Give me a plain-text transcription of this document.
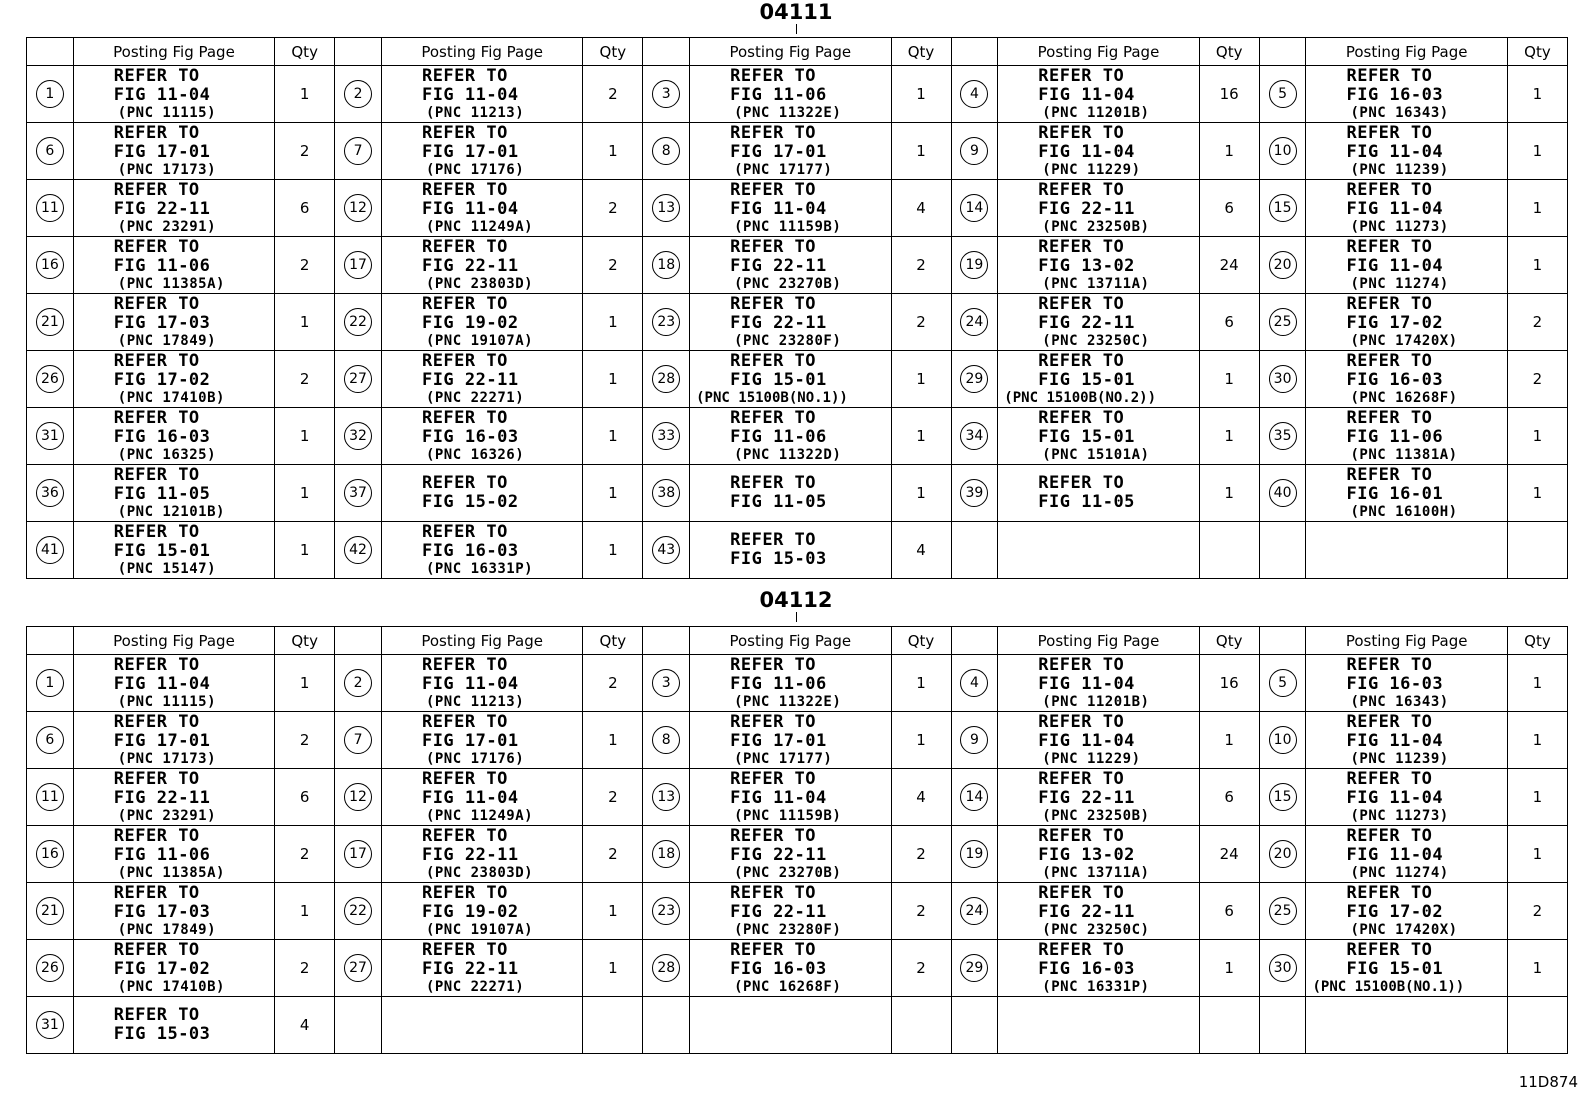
04111
	Posting Fig Page	Qty		Posting Fig Page	Qty		Posting Fig Page	Qty		Posting Fig Page	Qty		Posting Fig Page	Qty
1	REFER TO
FIG 11-04
(PNC 11115)	1	2	REFER TO
FIG 11-04
(PNC 11213)	2	3	REFER TO
FIG 11-06
(PNC 11322E)	1	4	REFER TO
FIG 11-04
(PNC 11201B)	16	5	REFER TO
FIG 16-03
(PNC 16343)	1
6	REFER TO
FIG 17-01
(PNC 17173)	2	7	REFER TO
FIG 17-01
(PNC 17176)	1	8	REFER TO
FIG 17-01
(PNC 17177)	1	9	REFER TO
FIG 11-04
(PNC 11229)	1	10	REFER TO
FIG 11-04
(PNC 11239)	1
11	REFER TO
FIG 22-11
(PNC 23291)	6	12	REFER TO
FIG 11-04
(PNC 11249A)	2	13	REFER TO
FIG 11-04
(PNC 11159B)	4	14	REFER TO
FIG 22-11
(PNC 23250B)	6	15	REFER TO
FIG 11-04
(PNC 11273)	1
16	REFER TO
FIG 11-06
(PNC 11385A)	2	17	REFER TO
FIG 22-11
(PNC 23803D)	2	18	REFER TO
FIG 22-11
(PNC 23270B)	2	19	REFER TO
FIG 13-02
(PNC 13711A)	24	20	REFER TO
FIG 11-04
(PNC 11274)	1
21	REFER TO
FIG 17-03
(PNC 17849)	1	22	REFER TO
FIG 19-02
(PNC 19107A)	1	23	REFER TO
FIG 22-11
(PNC 23280F)	2	24	REFER TO
FIG 22-11
(PNC 23250C)	6	25	REFER TO
FIG 17-02
(PNC 17420X)	2
26	REFER TO
FIG 17-02
(PNC 17410B)	2	27	REFER TO
FIG 22-11
(PNC 22271)	1	28	REFER TO
FIG 15-01
(PNC 15100B(NO.1))	1	29	REFER TO
FIG 15-01
(PNC 15100B(NO.2))	1	30	REFER TO
FIG 16-03
(PNC 16268F)	2
31	REFER TO
FIG 16-03
(PNC 16325)	1	32	REFER TO
FIG 16-03
(PNC 16326)	1	33	REFER TO
FIG 11-06
(PNC 11322D)	1	34	REFER TO
FIG 15-01
(PNC 15101A)	1	35	REFER TO
FIG 11-06
(PNC 11381A)	1
36	REFER TO
FIG 11-05
(PNC 12101B)	1	37	REFER TO
FIG 15-02	1	38	REFER TO
FIG 11-05	1	39	REFER TO
FIG 11-05	1	40	REFER TO
FIG 16-01
(PNC 16100H)	1
41	REFER TO
FIG 15-01
(PNC 15147)	1	42	REFER TO
FIG 16-03
(PNC 16331P)	1	43	REFER TO
FIG 15-03	4						
04112
	Posting Fig Page	Qty		Posting Fig Page	Qty		Posting Fig Page	Qty		Posting Fig Page	Qty		Posting Fig Page	Qty
1	REFER TO
FIG 11-04
(PNC 11115)	1	2	REFER TO
FIG 11-04
(PNC 11213)	2	3	REFER TO
FIG 11-06
(PNC 11322E)	1	4	REFER TO
FIG 11-04
(PNC 11201B)	16	5	REFER TO
FIG 16-03
(PNC 16343)	1
6	REFER TO
FIG 17-01
(PNC 17173)	2	7	REFER TO
FIG 17-01
(PNC 17176)	1	8	REFER TO
FIG 17-01
(PNC 17177)	1	9	REFER TO
FIG 11-04
(PNC 11229)	1	10	REFER TO
FIG 11-04
(PNC 11239)	1
11	REFER TO
FIG 22-11
(PNC 23291)	6	12	REFER TO
FIG 11-04
(PNC 11249A)	2	13	REFER TO
FIG 11-04
(PNC 11159B)	4	14	REFER TO
FIG 22-11
(PNC 23250B)	6	15	REFER TO
FIG 11-04
(PNC 11273)	1
16	REFER TO
FIG 11-06
(PNC 11385A)	2	17	REFER TO
FIG 22-11
(PNC 23803D)	2	18	REFER TO
FIG 22-11
(PNC 23270B)	2	19	REFER TO
FIG 13-02
(PNC 13711A)	24	20	REFER TO
FIG 11-04
(PNC 11274)	1
21	REFER TO
FIG 17-03
(PNC 17849)	1	22	REFER TO
FIG 19-02
(PNC 19107A)	1	23	REFER TO
FIG 22-11
(PNC 23280F)	2	24	REFER TO
FIG 22-11
(PNC 23250C)	6	25	REFER TO
FIG 17-02
(PNC 17420X)	2
26	REFER TO
FIG 17-02
(PNC 17410B)	2	27	REFER TO
FIG 22-11
(PNC 22271)	1	28	REFER TO
FIG 16-03
(PNC 16268F)	2	29	REFER TO
FIG 16-03
(PNC 16331P)	1	30	REFER TO
FIG 15-01
(PNC 15100B(NO.1))	1
31	REFER TO
FIG 15-03	4												
11D874
